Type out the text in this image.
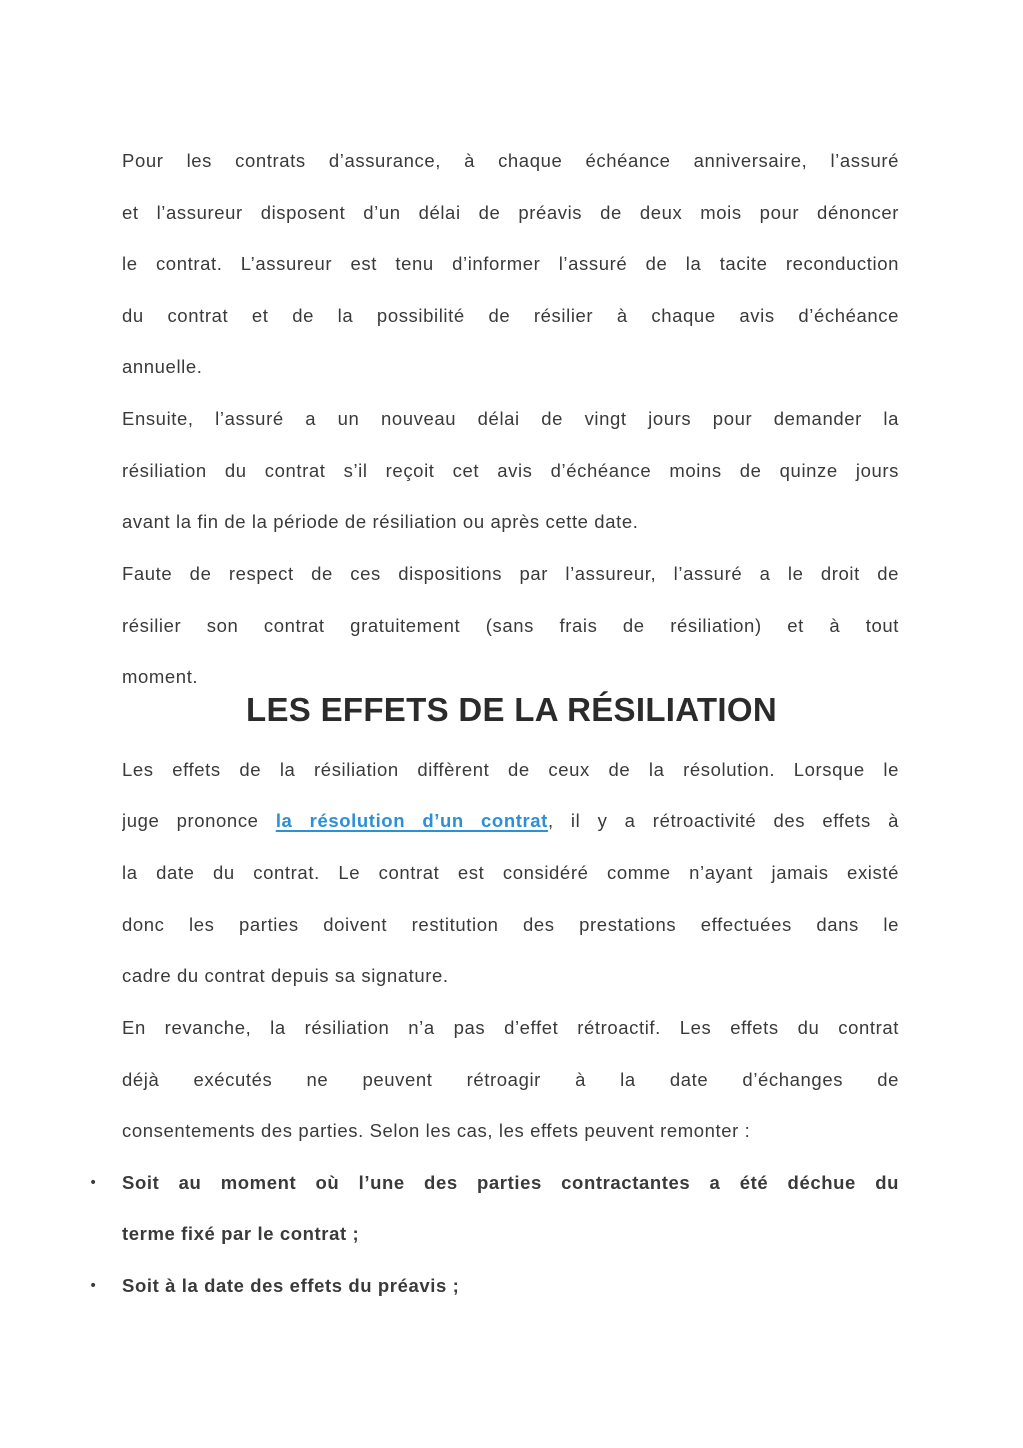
Pour les contrats d’assurance, à chaque échéance anniversaire, l’assuré
et l’assureur disposent d’un délai de préavis de deux mois pour dénoncer
le contrat. L’assureur est tenu d’informer l’assuré de la tacite reconduction
du contrat et de la possibilité de résilier à chaque avis d’échéance
annuelle.
Ensuite, l’assuré a un nouveau délai de vingt jours pour demander la
résiliation du contrat s’il reçoit cet avis d’échéance moins de quinze jours
avant la fin de la période de résiliation ou après cette date.
Faute de respect de ces dispositions par l’assureur, l’assuré a le droit de
résilier son contrat gratuitement (sans frais de résiliation) et à tout
moment.
LES EFFETS DE LA RÉSILIATION
Les effets de la résiliation diffèrent de ceux de la résolution. Lorsque le
juge prononce la résolution d’un contrat, il y a rétroactivité des effets à
la date du contrat. Le contrat est considéré comme n’ayant jamais existé
donc les parties doivent restitution des prestations effectuées dans le
cadre du contrat depuis sa signature.
En revanche, la résiliation n’a pas d’effet rétroactif. Les effets du contrat
déjà exécutés ne peuvent rétroagir à la date d’échanges de
consentements des parties. Selon les cas, les effets peuvent remonter :
• Soit au moment où l’une des parties contractantes a été déchue du
terme fixé par le contrat ;
• Soit à la date des effets du préavis ;
